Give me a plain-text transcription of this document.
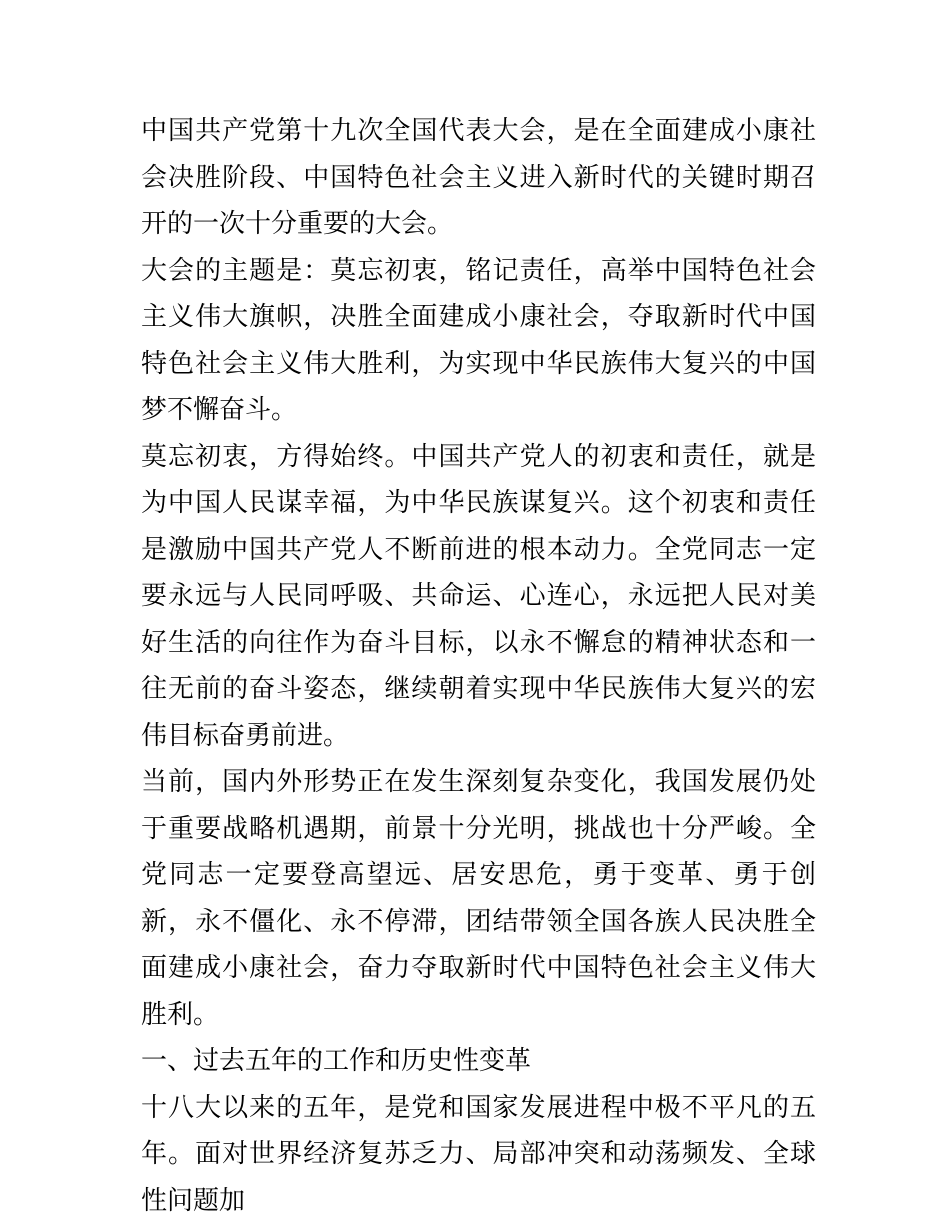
中国共产党第十九次全国代表大会，是在全面建成小康社会决胜阶段、中国特色社会主义进入新时代的关键时期召开的一次十分重要的大会。

大会的主题是：莫忘初衷，铭记责任，高举中国特色社会主义伟大旗帜，决胜全面建成小康社会，夺取新时代中国特色社会主义伟大胜利，为实现中华民族伟大复兴的中国梦不懈奋斗。

莫忘初衷，方得始终。中国共产党人的初衷和责任，就是为中国人民谋幸福，为中华民族谋复兴。这个初衷和责任是激励中国共产党人不断前进的根本动力。全党同志一定要永远与人民同呼吸、共命运、心连心，永远把人民对美好生活的向往作为奋斗目标，以永不懈怠的精神状态和一往无前的奋斗姿态，继续朝着实现中华民族伟大复兴的宏伟目标奋勇前进。

当前，国内外形势正在发生深刻复杂变化，我国发展仍处于重要战略机遇期，前景十分光明，挑战也十分严峻。全党同志一定要登高望远、居安思危，勇于变革、勇于创新，永不僵化、永不停滞，团结带领全国各族人民决胜全面建成小康社会，奋力夺取新时代中国特色社会主义伟大胜利。

一、过去五年的工作和历史性变革

十八大以来的五年，是党和国家发展进程中极不平凡的五年。面对世界经济复苏乏力、局部冲突和动荡频发、全球性问题加
